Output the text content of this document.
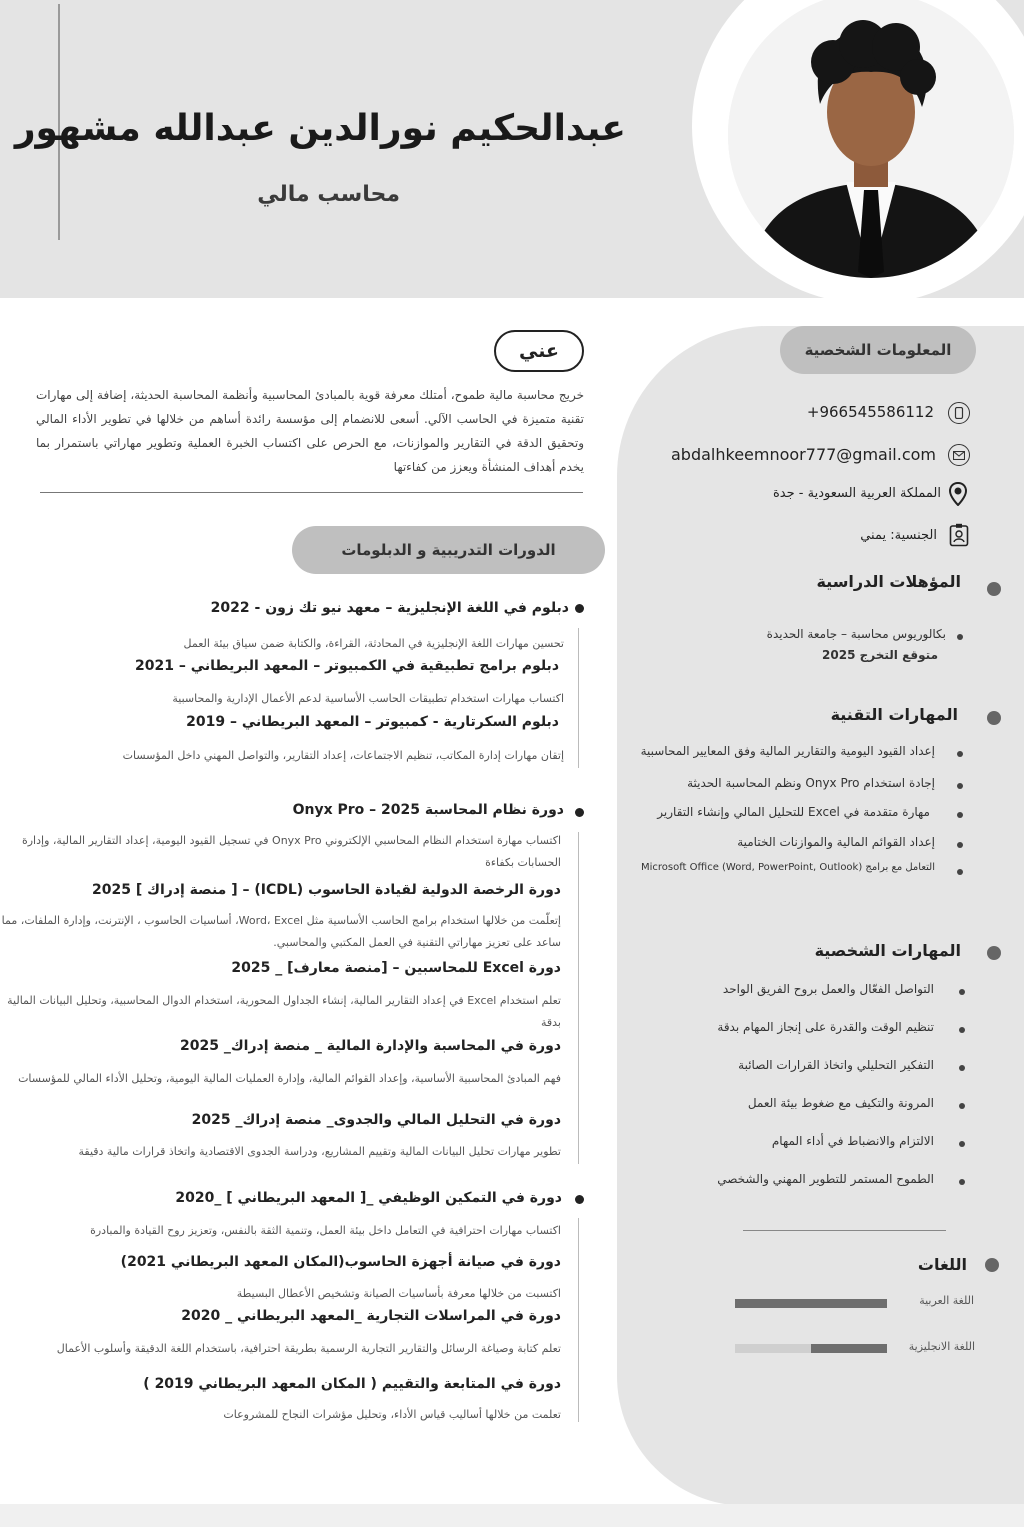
عبدالحكيم نورالدين عبدالله مشهور
محاسب مالي
عني
خريج محاسبة مالية طموح، أمتلك معرفة قوية بالمبادئ المحاسبية وأنظمة المحاسبة الحديثة، إضافة إلى مهارات تقنية متميزة في الحاسب الآلي. أسعى للانضمام إلى مؤسسة رائدة أساهم من خلالها في تطوير الأداء المالي وتحقيق الدقة في التقارير والموازنات، مع الحرص على اكتساب الخبرة العملية وتطوير مهاراتي باستمرار بما يخدم أهداف المنشأة ويعزز من كفاءتها
الدورات التدريبية و الدبلومات
دبلوم في اللغة الإنجليزية – معهد نيو تك زون - 2022
تحسين مهارات اللغة الإنجليزية في المحادثة، القراءة، والكتابة ضمن سياق بيئة العمل
دبلوم برامج تطبيقية في الكمبيوتر – المعهد البريطاني – 2021
اكتساب مهارات استخدام تطبيقات الحاسب الأساسية لدعم الأعمال الإدارية والمحاسبية
دبلوم السكرتارية - كمبيوتر – المعهد البريطاني – 2019
إتقان مهارات إدارة المكاتب، تنظيم الاجتماعات، إعداد التقارير، والتواصل المهني داخل المؤسسات
دورة نظام المحاسبة Onyx Pro – 2025
اكتساب مهارة استخدام النظام المحاسبي الإلكتروني Onyx Pro في تسجيل القيود اليومية، إعداد التقارير المالية، وإدارة الحسابات بكفاءة
دورة الرخصة الدولية لقيادة الحاسوب (ICDL) – [ منصة إدراك ] 2025
إتعلّمت من خلالها استخدام برامج الحاسب الأساسية مثل Word، Excel، أساسيات الحاسوب ، الإنترنت، وإدارة الملفات، مما ساعد على تعزيز مهاراتي التقنية في العمل المكتبي والمحاسبي.
دورة Excel للمحاسبين – [منصة معارف] _ 2025
تعلم استخدام Excel في إعداد التقارير المالية، إنشاء الجداول المحورية، استخدام الدوال المحاسبية، وتحليل البيانات المالية بدقة
دورة في المحاسبة والإدارة المالية _ منصة إدراك_ 2025
فهم المبادئ المحاسبية الأساسية، وإعداد القوائم المالية، وإدارة العمليات المالية اليومية، وتحليل الأداء المالي للمؤسسات
دورة في التحليل المالي والجدوى_ منصة إدراك_ 2025
تطوير مهارات تحليل البيانات المالية وتقييم المشاريع، ودراسة الجدوى الاقتصادية واتخاذ قرارات مالية دقيقة
دورة في التمكين الوظيفي _[ المعهد البريطاني ] _2020
اكتساب مهارات احترافية في التعامل داخل بيئة العمل، وتنمية الثقة بالنفس، وتعزيز روح القيادة والمبادرة
دورة في صيانة أجهزة الحاسوب(المكان المعهد البريطاني 2021)
اكتسبت من خلالها معرفة بأساسيات الصيانة وتشخيص الأعطال البسيطة
دورة في المراسلات التجارية _المعهد البريطاني _ 2020
تعلم كتابة وصياغة الرسائل والتقارير التجارية الرسمية بطريقة احترافية، باستخدام اللغة الدقيقة وأسلوب الأعمال
دورة في المتابعة والتقييم ( المكان المعهد البريطاني 2019 )
تعلمت من خلالها أساليب قياس الأداء، وتحليل مؤشرات النجاح للمشروعات
المعلومات الشخصية
+966545586112
abdalhkeemnoor777@gmail.com
المملكة العربية السعودية - جدة
الجنسية: يمني
المؤهلات الدراسية
بكالوريوس محاسبة – جامعة الحديدة
متوقع التخرج 2025
المهارات التقنية
إعداد القيود اليومية والتقارير المالية وفق المعايير المحاسبية
إجادة استخدام Onyx Pro ونظم المحاسبة الحديثة
مهارة متقدمة في Excel للتحليل المالي وإنشاء التقارير
إعداد القوائم المالية والموازنات الختامية
التعامل مع برامج Microsoft Office (Word, PowerPoint, Outlook)
المهارات الشخصية
التواصل الفعّال والعمل بروح الفريق الواحد
تنظيم الوقت والقدرة على إنجاز المهام بدقة
التفكير التحليلي واتخاذ القرارات الصائبة
المرونة والتكيف مع ضغوط بيئة العمل
الالتزام والانضباط في أداء المهام
الطموح المستمر للتطوير المهني والشخصي
اللغات
اللغة العربية
اللغة الانجليزية
